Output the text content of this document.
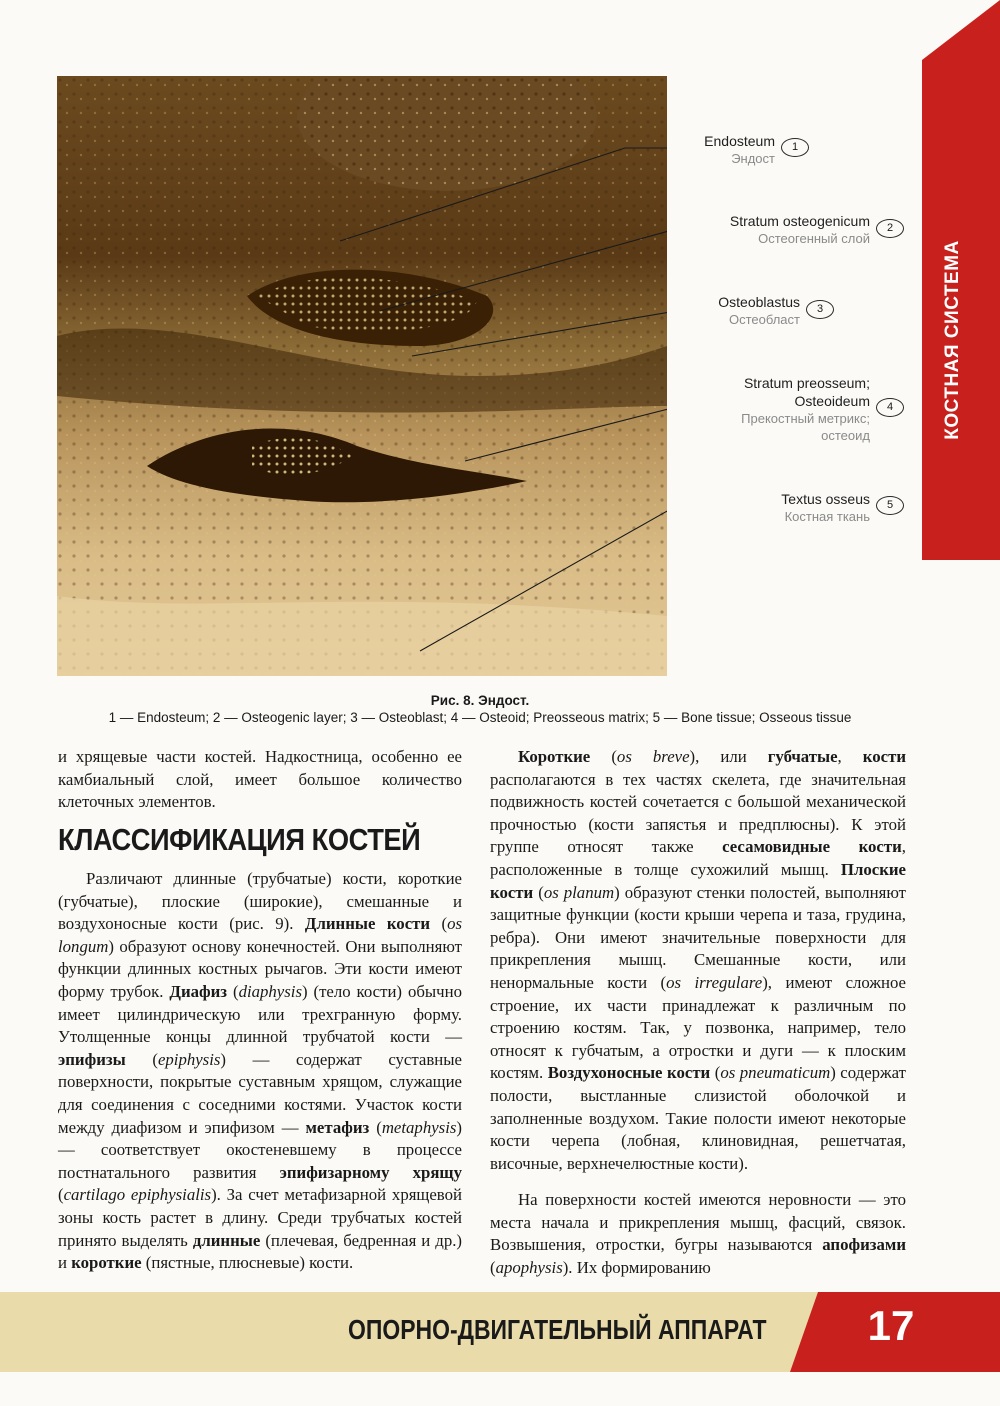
КОСТНАЯ СИСТЕМА
Endosteum
Эндост
1
Stratum osteogenicum
Остеогенный слой
2
Osteoblastus
Остеобласт
3
Stratum preosseum;
Osteoideum
Прекостный метрикс;
остеоид
4
Textus osseus
Костная ткань
5
Рис. 8. Эндост.
1 — Endosteum; 2 — Osteogenic layer; 3 — Osteoblast; 4 — Osteoid; Preosseous matrix; 5 — Bone tissue; Osseous tissue

и хрящевые части костей. Надкостница, особенно ее камбиальный слой, имеет большое количество клеточных элементов.

КЛАССИФИКАЦИЯ КОСТЕЙ

Различают длинные (трубчатые) кости, короткие (губчатые), плоские (широкие), смешанные и воздухоносные кости (рис. 9). Длинные кости (os longum) образуют основу конечностей. Они выполняют функции длинных костных рычагов. Эти кости имеют форму трубок. Диафиз (diaphysis) (тело кости) обычно имеет цилиндрическую или трехгранную форму. Утолщенные концы длинной трубчатой кости — эпифизы (epiphysis) — содержат суставные поверхности, покрытые суставным хрящом, служащие для соединения с соседними костями. Участок кости между диафизом и эпифизом — метафиз (metaphysis) — соответствует окостеневшему в процессе постнатального развития эпифизарному хрящу (cartilago epiphysialis). За счет метафизарной хрящевой зоны кость растет в длину. Среди трубчатых костей принято выделять длинные (плечевая, бедренная и др.) и короткие (пястные, плюсневые) кости.

Короткие (os breve), или губчатые, кости располагаются в тех частях скелета, где значительная подвижность костей сочетается с большой механической прочностью (кости запястья и предплюсны). К этой группе относят также сесамовидные кости, расположенные в толще сухожилий мышц. Плоские кости (os planum) образуют стенки полостей, выполняют защитные функции (кости крыши черепа и таза, грудина, ребра). Они имеют значительные поверхности для прикрепления мышц. Смешанные кости, или ненормальные кости (os irregulare), имеют сложное строение, их части принадлежат к различным по строению костям. Так, у позвонка, например, тело относят к губчатым, а отростки и дуги — к плоским костям. Воздухоносные кости (os pneumaticum) содержат полости, выстланные слизистой оболочкой и заполненные воздухом. Такие полости имеют некоторые кости черепа (лобная, клиновидная, решетчатая, височные, верхнечелюстные кости).

На поверхности костей имеются неровности — это места начала и прикрепления мышц, фасций, связок. Возвышения, отростки, бугры называются апофизами (apophysis). Их формированию

ОПОРНО-ДВИГАТЕЛЬНЫЙ АППАРАТ	17
